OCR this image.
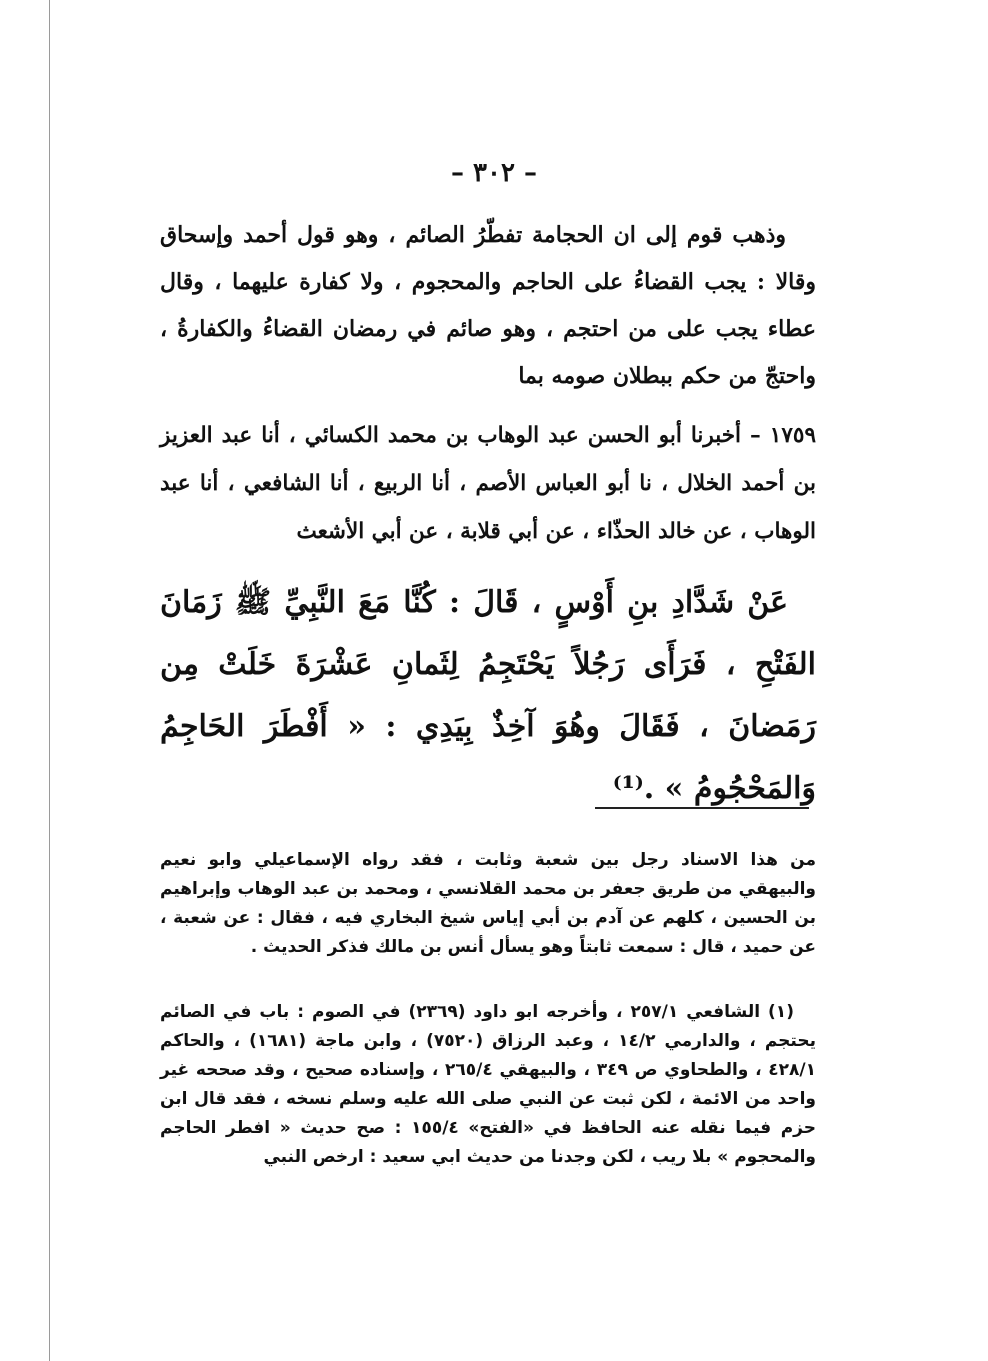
– ٣٠٢ –
وذهب قوم إلى ان الحجامة تفطّرُ الصائم ، وهو قول أحمد وإسحاق وقالا : يجب القضاءُ على الحاجم والمحجوم ، ولا كفارة عليهما ، وقال عطاء يجب على من احتجم ، وهو صائم في رمضان القضاءُ والكفارةُ ، واحتجّ من حكم ببطلان صومه بما
١٧٥٩ – أخبرنا أبو الحسن عبد الوهاب بن محمد الكسائي ، أنا عبد العزيز بن أحمد الخلال ، نا أبو العباس الأصم ، أنا الربيع ، أنا الشافعي ، أنا عبد الوهاب ، عن خالد الحذّاء ، عن أبي قلابة ، عن أبي الأشعث
عَنْ شَدَّادِ بنِ أَوْسٍ ، قَالَ : كُنَّا مَعَ النَّبِيِّ ﷺ زَمَانَ الفَتْحِ ، فَرَأَى رَجُلاً يَحْتَجِمُ لِثَمانِ عَشْرَةَ خَلَتْ مِن رَمَضانَ ، فَقَالَ وهُوَ آخِذٌ بِيَدِي : « أَفْطَرَ الحَاجِمُ وَالمَحْجُومُ » .⁽¹⁾
من هذا الاسناد رجل بين شعبة وثابت ، فقد رواه الإسماعيلي وابو نعيم والبيهقي من طريق جعفر بن محمد القلانسي ، ومحمد بن عبد الوهاب وإبراهيم بن الحسين ، كلهم عن آدم بن أبي إياس شيخ البخاري فيه ، فقال : عن شعبة ، عن حميد ، قال : سمعت ثابتاً وهو يسأل أنس بن مالك فذكر الحديث .
(١) الشافعي ٢٥٧/١ ، وأخرجه ابو داود (٢٣٦٩) في الصوم : باب في الصائم يحتجم ، والدارمي ١٤/٢ ، وعبد الرزاق (٧٥٢٠) ، وابن ماجة (١٦٨١) ، والحاكم ٤٢٨/١ ، والطحاوي ص ٣٤٩ ، والبيهقي ٢٦٥/٤ ، وإسناده صحيح ، وقد صححه غير واحد من الائمة ، لكن ثبت عن النبي صلى الله عليه وسلم نسخه ، فقد قال ابن حزم فيما نقله عنه الحافظ في «الفتح» ١٥٥/٤ : صح حديث « افطر الحاجم والمحجوم » بلا ريب ، لكن وجدنا من حديث ابي سعيد : ارخص النبي
